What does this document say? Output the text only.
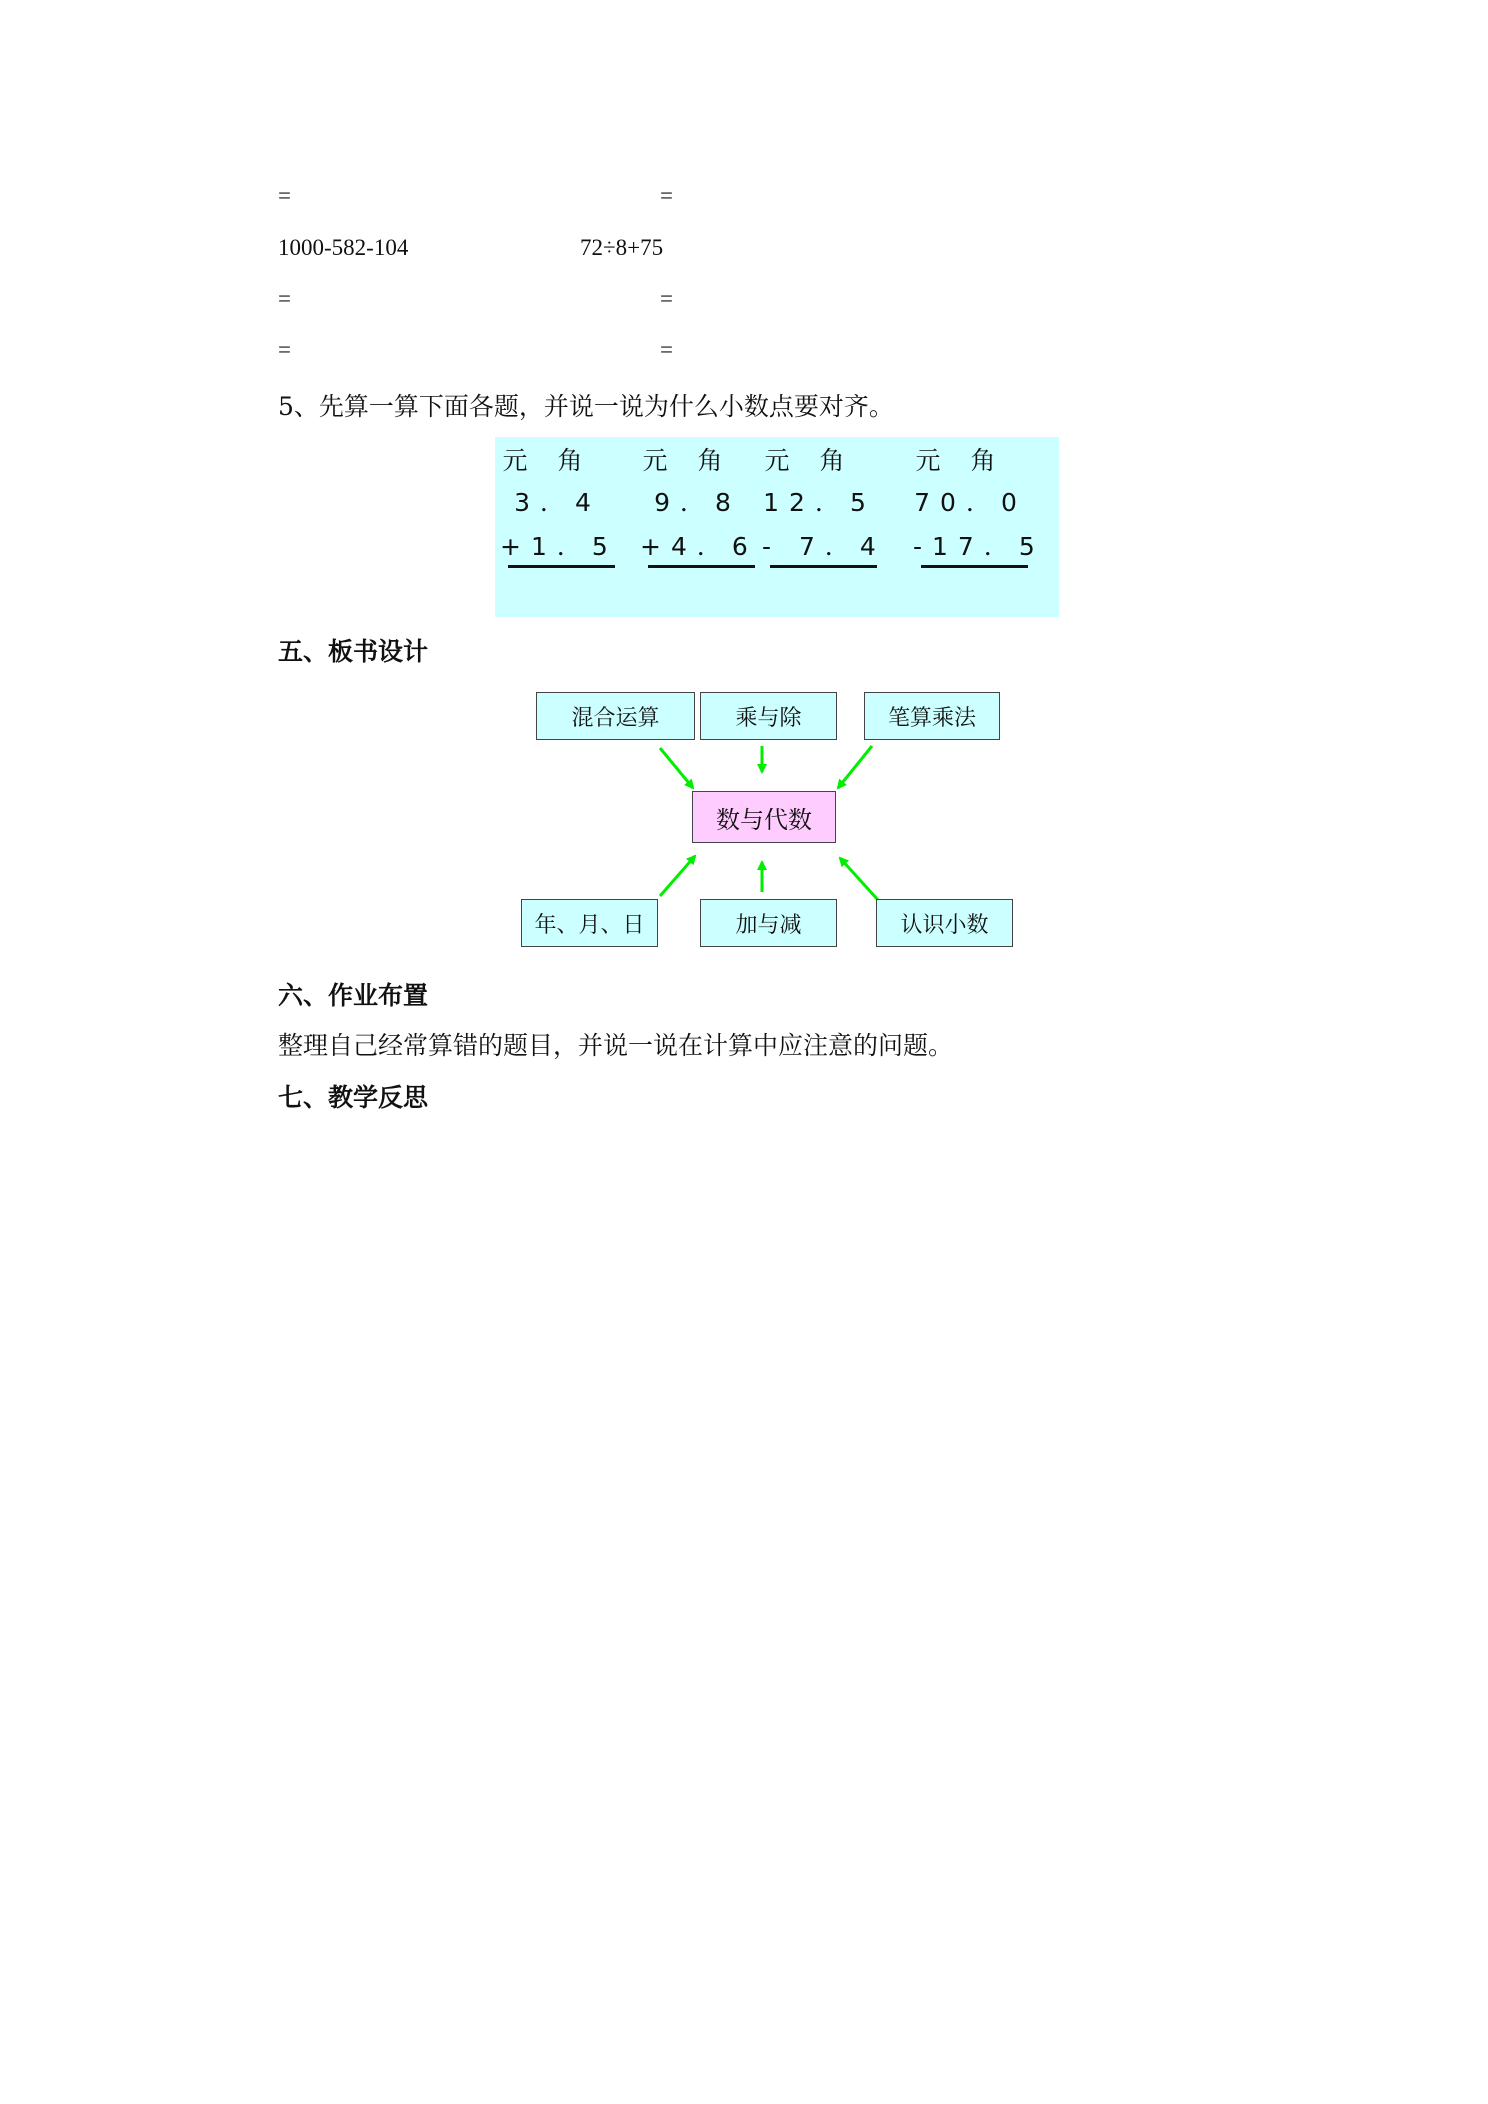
=	=
1000-582-104	72÷8+75
=	=
=	=
5、先算一算下面各题，并说一说为什么小数点要对齐。
元角
3．4
+1．5
元角
9．8
+4．6
元角
12．5
- 7．4
元角
70．0
-17．5
五、板书设计
混合运算	乘与除	笔算乘法
数与代数
年、月、日	加与减	认识小数
六、作业布置
整理自己经常算错的题目，并说一说在计算中应注意的问题。
七、教学反思
